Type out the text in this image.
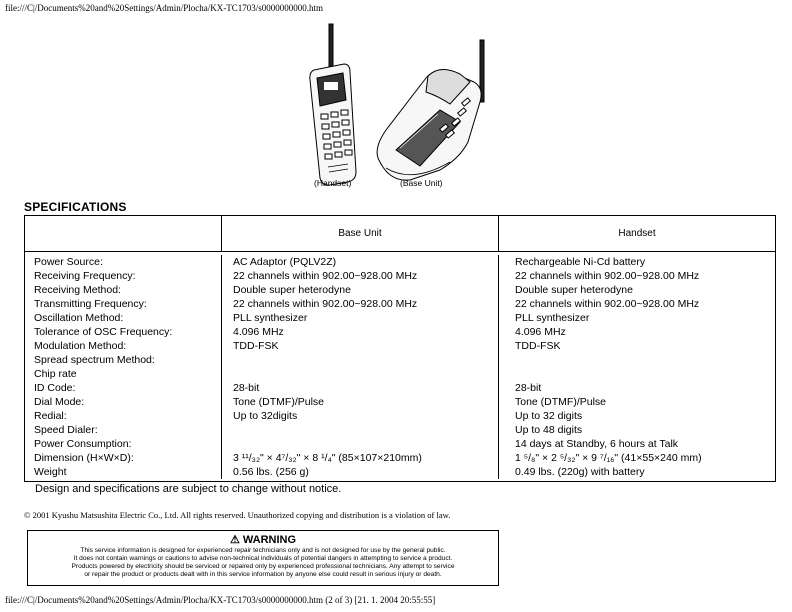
file:///C|/Documents%20and%20Settings/Admin/Plocha/KX-TC1703/s0000000000.htm
(Handset)	(Base Unit)
SPECIFICATIONS
Base Unit	Handset
Power Source:
Receiving Frequency:
Receiving Method:
Transmitting Frequency:
Oscillation Method:
Tolerance of OSC Frequency:
Modulation Method:
Spread spectrum Method:
Chip rate
ID Code:
Dial Mode:
Redial:
Speed Dialer:
Power Consumption:
Dimension (H×W×D):
Weight
AC Adaptor (PQLV2Z)
22 channels within 902.00~928.00 MHz
Double super heterodyne
22 channels within 902.00~928.00 MHz
PLL synthesizer
4.096 MHz
TDD-FSK
28-bit
Tone (DTMF)/Pulse
Up to 32digits
3 ¹¹/₃₂" × 4⁷/₃₂" × 8 ¹/₄" (85×107×210mm)
0.56 lbs. (256 g)
Rechargeable Ni-Cd battery
22 channels within 902.00~928.00 MHz
Double super heterodyne
22 channels within 902.00~928.00 MHz
PLL synthesizer
4.096 MHz
TDD-FSK
28-bit
Tone (DTMF)/Pulse
Up to 32 digits
Up to 48 digits
14 days at Standby, 6 hours at Talk
1 ⁵/₈" × 2 ⁵/₃₂" × 9 ⁷/₁₆" (41×55×240 mm)
0.49 lbs. (220g) with battery
Design and specifications are subject to change without notice.
© 2001 Kyushu Matsushita Electric Co., Ltd. All rights reserved. Unauthorized copying and distribution is a violation of law.
⚠ WARNING
This service information is designed for experienced repair technicians only and is not designed for use by the general public.
It does not contain warnings or cautions to advise non-technical individuals of potential dangers in attempting to service a product.
Products powered by electricity should be serviced or repaired only by experienced professional technicians. Any attempt to service
or repair the product or products dealt with in this service information by anyone else could result in serious injury or death.
file:///C|/Documents%20and%20Settings/Admin/Plocha/KX-TC1703/s0000000000.htm (2 of 3) [21. 1. 2004 20:55:55]
